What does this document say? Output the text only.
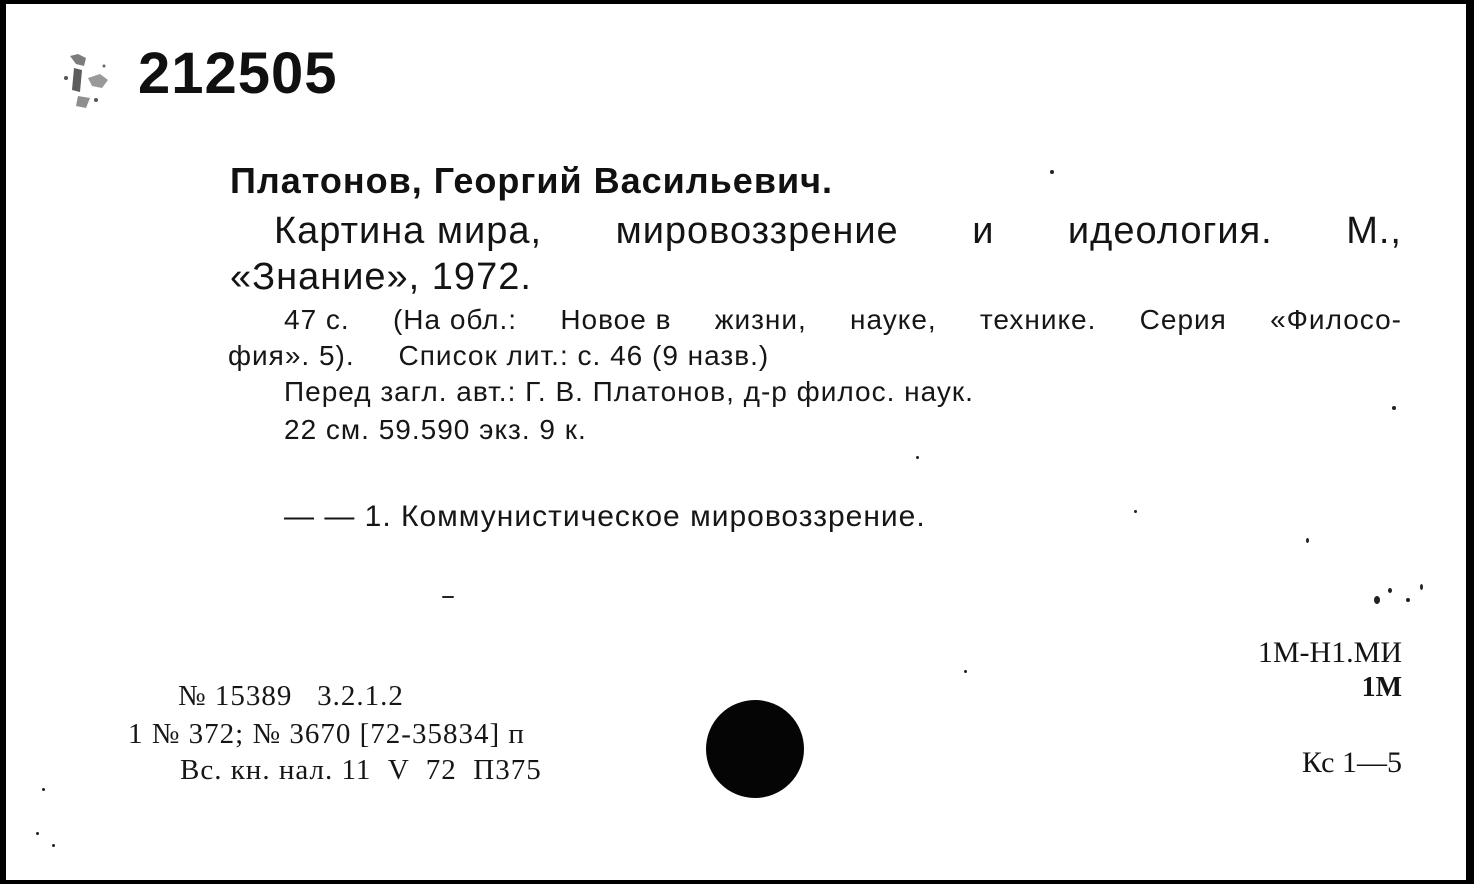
212505
Платонов, Георгий Васильевич.
Картина мира, мировоззрение и идеология. М.,
«Знание», 1972.
47 с. (На обл.: Новое в жизни, науке, технике. Серия «Филосо-
фия». 5).     Список лит.: с. 46 (9 назв.)
Перед загл. авт.: Г. В. Платонов, д-р филос. наук.
22 см. 59.590 экз. 9 к.
— — 1. Коммунистическое мировоззрение.
№ 15389   3.2.1.2
1 № 372; № 3670 [72-35834] п
Вс. кн. нал. 11  V  72  П375
1М-Н1.МИ
1М
Кс 1—5
